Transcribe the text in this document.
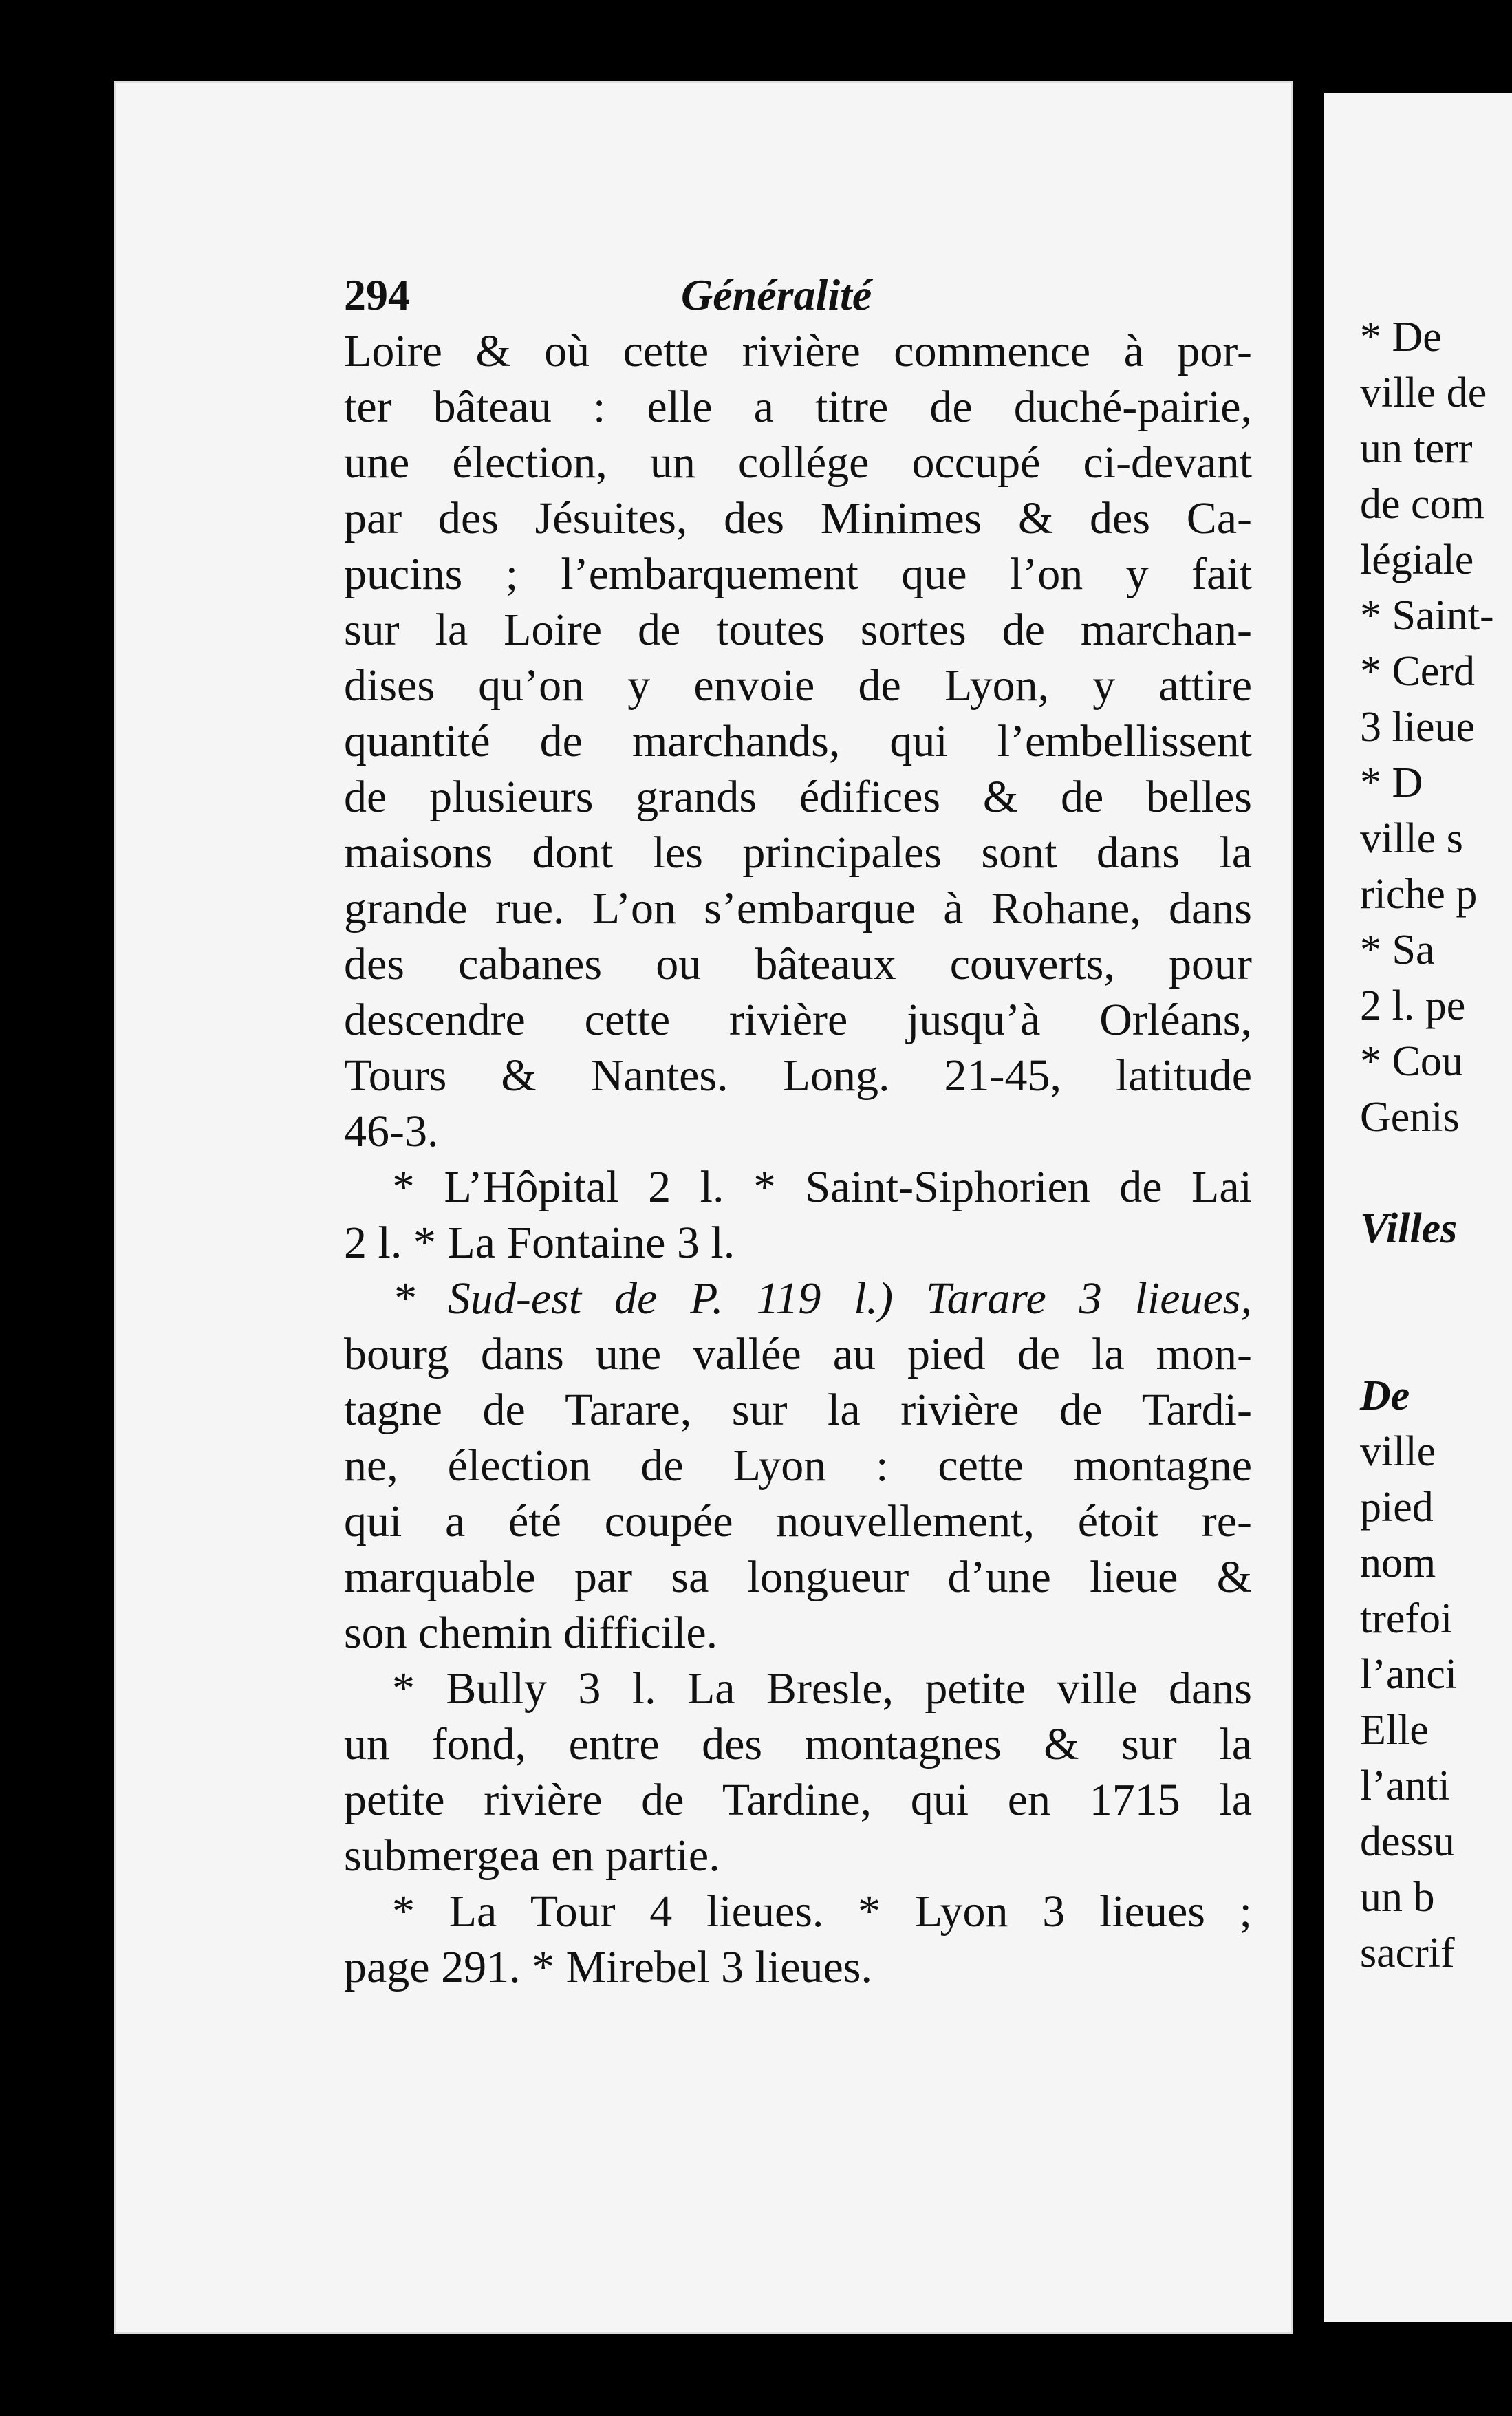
294	Généralité
Loire & où cette rivière commence à por-
ter bâteau : elle a titre de duché-pairie,
une élection, un collége occupé ci-devant
par des Jésuites, des Minimes & des Ca-
pucins ; l’embarquement que l’on y fait
sur la Loire de toutes sortes de marchan-
dises qu’on y envoie de Lyon, y attire
quantité de marchands, qui l’embellissent
de plusieurs grands édifices & de belles
maisons dont les principales sont dans la
grande rue. L’on s’embarque à Rohane, dans
des cabanes ou bâteaux couverts, pour
descendre cette rivière jusqu’à Orléans,
Tours & Nantes. Long. 21-45, latitude
46-3.
* L’Hôpital 2 l. * Saint-Siphorien de Lai
2 l. * La Fontaine 3 l.
* Sud-est de P. 119 l.) Tarare 3 lieues,
bourg dans une vallée au pied de la mon-
tagne de Tarare, sur la rivière de Tardi-
ne, élection de Lyon : cette montagne
qui a été coupée nouvellement, étoit re-
marquable par sa longueur d’une lieue &
son chemin difficile.
* Bully 3 l. La Bresle, petite ville dans
un fond, entre des montagnes & sur la
petite rivière de Tardine, qui en 1715 la
submergea en partie.
* La Tour 4 lieues. * Lyon 3 lieues ;
page 291. * Mirebel 3 lieues.
* De
ville de
un terr
de com
légiale
* Saint-
* Cerd
3 lieue
* D
ville s
riche p
* Sa
2 l. pe
* Cou
Genis
Villes
De
ville
pied
nom
trefoi
l’anci
Elle
l’anti
dessu
un b
sacrif
